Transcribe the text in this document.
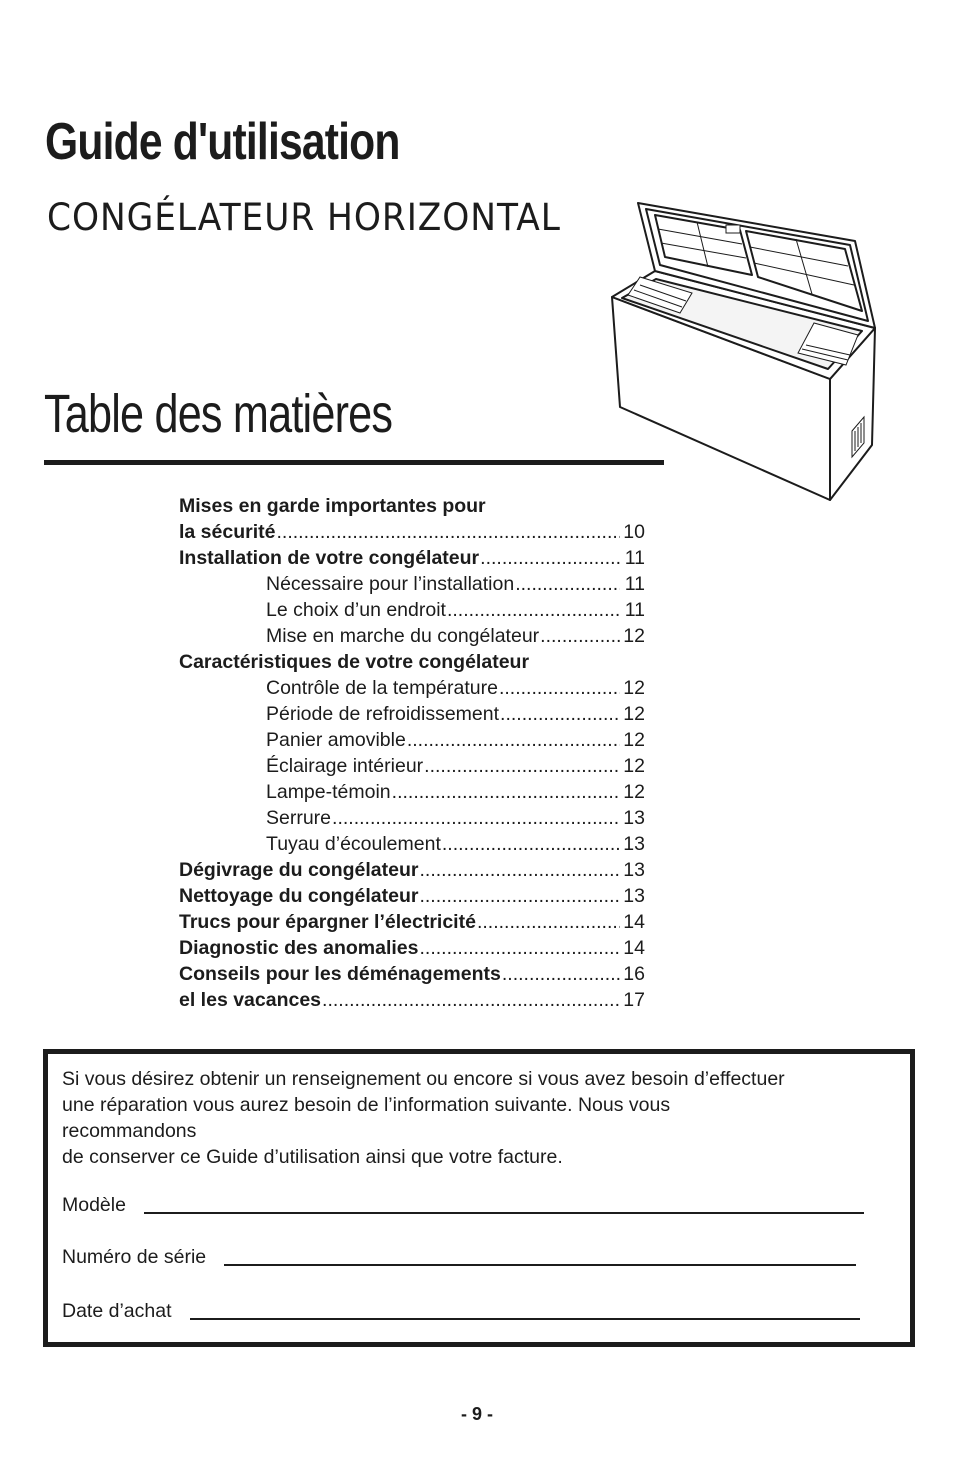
Guide d'utilisation
CONGÉLATEUR HORIZONTAL
Table des matières
Mises en garde importantes pour
la sécurité .....	10
Installation de votre congélateur .....	11
Nécessaire pour l’installation .....	11
Le choix d’un endroit .....	11
Mise en marche du congélateur .....	12
Caractéristiques de votre congélateur
Contrôle de la température .....	12
Période de refroidissement .....	12
Panier amovible .....	12
Éclairage intérieur .....	12
Lampe-témoin .....	12
Serrure .....	13
Tuyau d’écoulement .....	13
Dégivrage du congélateur .....	13
Nettoyage du congélateur .....	13
Trucs pour épargner l’électricité .....	14
Diagnostic des anomalies .....	14
Conseils pour les déménagements .....	16
el les vacances .....	17
Si vous désirez obtenir un renseignement ou encore si vous avez besoin d’effectuer
une réparation vous aurez besoin de l’information suivante. Nous vous
recommandons
de conserver ce Guide d’utilisation ainsi que votre facture.
Modèle
Numéro de série
Date d’achat
- 9 -
